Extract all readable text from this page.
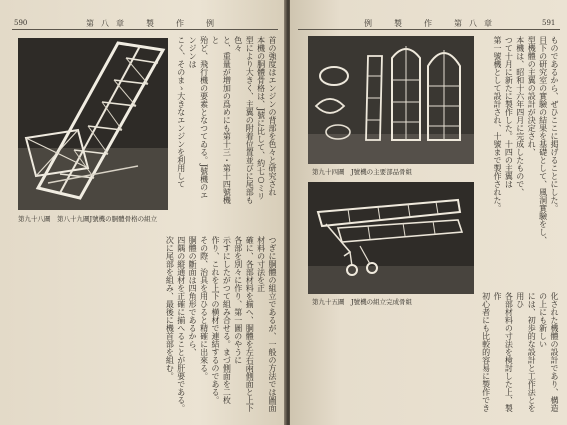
590	第八章　製　作　例
第九十八圖　第八十九圖J號機の胴體骨格の組立

首の強度はエンジンの背部を色々と研究され

本機の胴體骨格は、J號に比して、約七○ミリ

型により大きく、主翼の附着位置並びに尾部も色々

と、重量が増加の爲めにも第十三・第十四號機と

殆ど、飛行機の要素となつてゐる。J號機のエンジンは

こく、そのまゝ大きなエンジンを利用して

つぎに胴體の組立であるが、一般の方法では圖面材料の寸法を正

確に、各部材料を揃へ、胴體を左右兩側面と上下

各部を別々に作り、第一圖のやうに

示すにしたがつて組み合せる。まづ側面を二枚

作り、これを上下の横材で連結するのである。

その際、治具を用ひると精確に出來る。

胴體の斷面は四角形であるから、

四隅の縦通材を正確に揃へることが肝要である。

次に尾部を組み、最後に機首部を組む。

例　製　作　第八章	591
第九十四圖　J號機の主要部品骨組
第九十五圖　J號機の組立完成骨組

ものであるから、ぜひここに掲げることにした。

目下の研究室の實驗の結果を基礎として、風洞實驗をし、

型機體の主翼の設計が決定され、

本機は、昭和十六年四月に完成したもので、

つて十月に新たに製作した。十四の主翼は

第一號機として設計され、十號まで製作された。

化された機體の設計であり、構造の上にも新しい

には、初歩的な設計と工作法とを用ひ

各部材料の寸法を検討した上、製作

初心者にも比較的容易に製作でき
